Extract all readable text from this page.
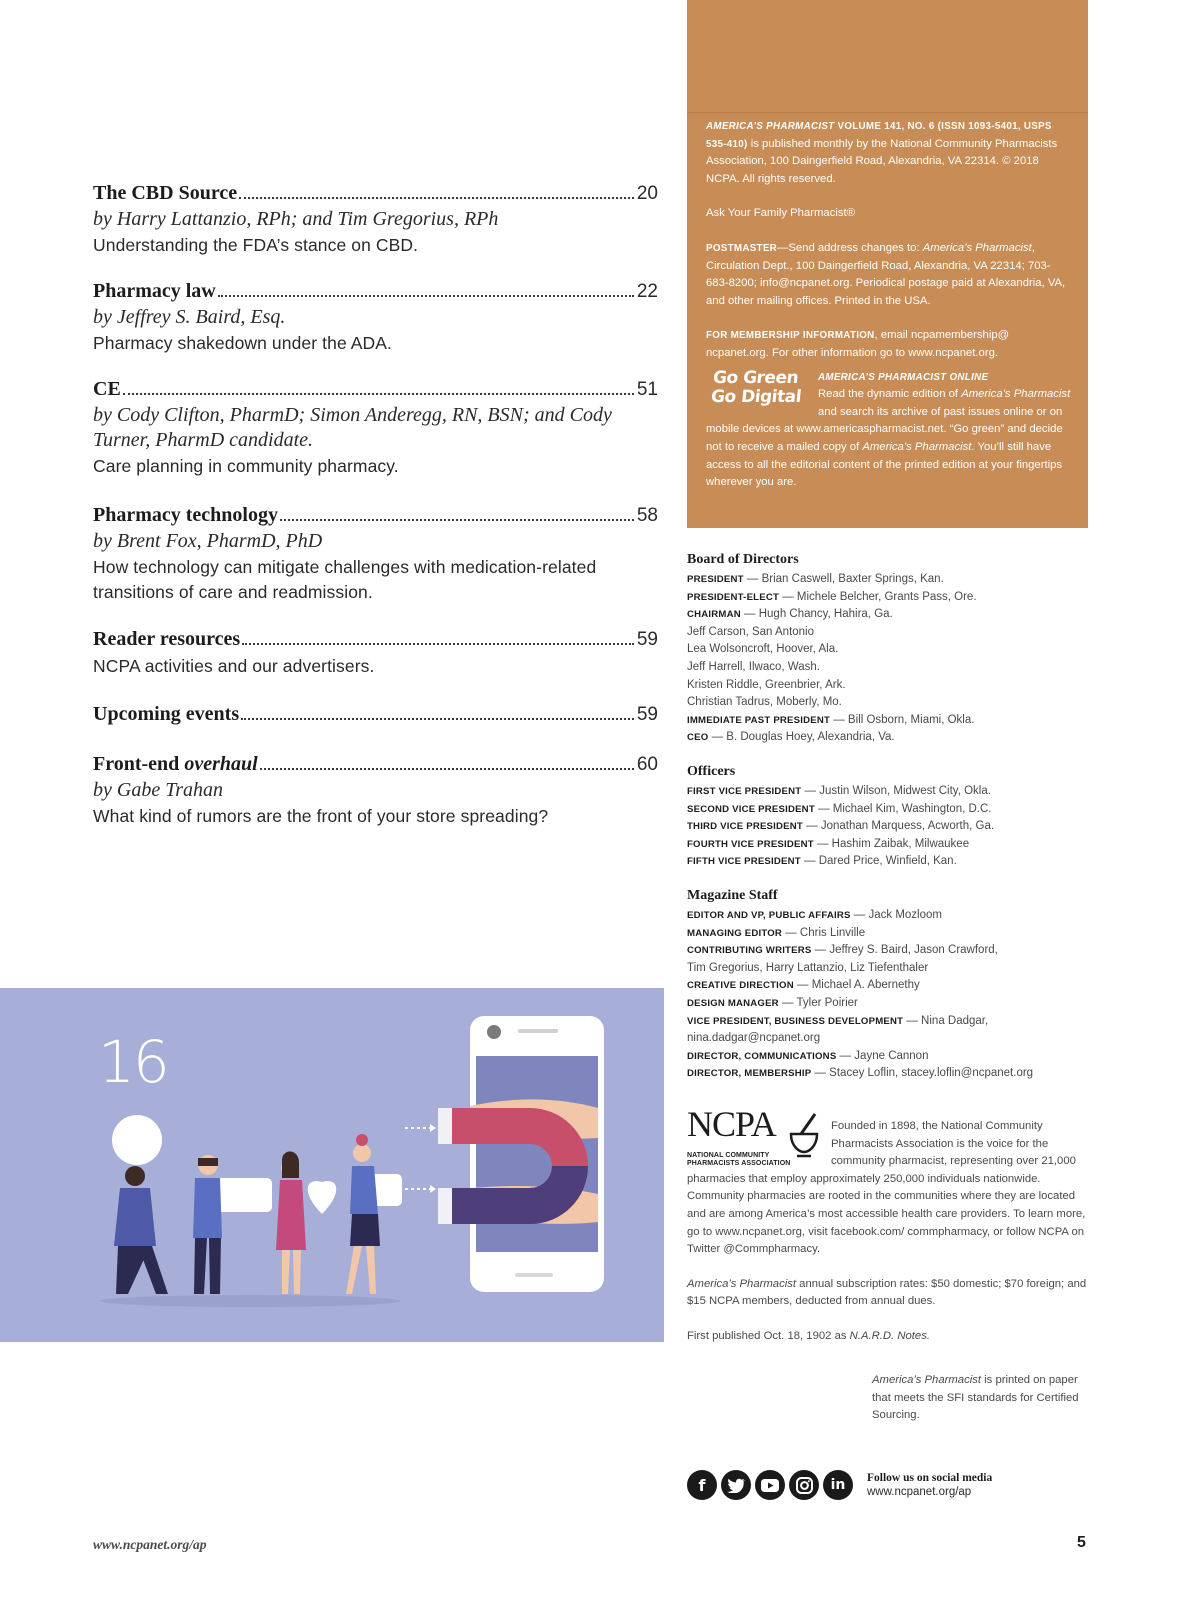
The CBD Source	20
by Harry Lattanzio, RPh; and Tim Gregorius, RPh
Understanding the FDA’s stance on CBD.
Pharmacy law	22
by Jeffrey S. Baird, Esq.
Pharmacy shakedown under the ADA.
CE	51
by Cody Clifton, PharmD; Simon Anderegg, RN, BSN; and Cody Turner, PharmD candidate.
Care planning in community pharmacy.
Pharmacy technology	58
by Brent Fox, PharmD, PhD
How technology can mitigate challenges with medication-related transitions of care and readmission.
Reader resources	59
NCPA activities and our advertisers.
Upcoming events	59
Front-end overhaul	60
by Gabe Trahan
What kind of rumors are the front of your store spreading?
16

AMERICA’S PHARMACIST VOLUME 141, NO. 6 (ISSN 1093-5401, USPS 535-410) is published monthly by the National Community Pharmacists Association, 100 Daingerfield Road, Alexandria, VA 22314. © 2018 NCPA. All rights reserved.

Ask Your Family Pharmacist®

POSTMASTER—Send address changes to: America’s Pharmacist, Circulation Dept., 100 Daingerfield Road, Alexandria, VA 22314; 703-683-8200; info@ncpanet.org. Periodical postage paid at Alexandria, VA, and other mailing offices. Printed in the USA.

FOR MEMBERSHIP INFORMATION, email ncpamembership@ ncpanet.org. For other information go to www.ncpanet.org.

Go Green
Go Digital
AMERICA’S PHARMACIST ONLINE
Read the dynamic edition of America’s Pharmacist and search its archive of past issues online or on mobile devices at www.americaspharmacist.net. “Go green” and decide not to receive a mailed copy of America’s Pharmacist. You’ll still have access to all the editorial content of the printed edition at your fingertips wherever you are.
Board of Directors
PRESIDENT — Brian Caswell, Baxter Springs, Kan.
PRESIDENT-ELECT — Michele Belcher, Grants Pass, Ore.
CHAIRMAN — Hugh Chancy, Hahira, Ga.
Jeff Carson, San Antonio
Lea Wolsoncroft, Hoover, Ala.
Jeff Harrell, Ilwaco, Wash.
Kristen Riddle, Greenbrier, Ark.
Christian Tadrus, Moberly, Mo.
IMMEDIATE PAST PRESIDENT — Bill Osborn, Miami, Okla.
CEO — B. Douglas Hoey, Alexandria, Va.
Officers
FIRST VICE PRESIDENT — Justin Wilson, Midwest City, Okla.
SECOND VICE PRESIDENT — Michael Kim, Washington, D.C.
THIRD VICE PRESIDENT — Jonathan Marquess, Acworth, Ga.
FOURTH VICE PRESIDENT — Hashim Zaibak, Milwaukee
FIFTH VICE PRESIDENT — Dared Price, Winfield, Kan.
Magazine Staff
EDITOR AND VP, PUBLIC AFFAIRS — Jack Mozloom
MANAGING EDITOR — Chris Linville
CONTRIBUTING WRITERS — Jeffrey S. Baird, Jason Crawford,
Tim Gregorius, Harry Lattanzio, Liz Tiefenthaler
CREATIVE DIRECTION — Michael A. Abernethy
DESIGN MANAGER — Tyler Poirier
VICE PRESIDENT, BUSINESS DEVELOPMENT — Nina Dadgar,
nina.dadgar@ncpanet.org
DIRECTOR, COMMUNICATIONS — Jayne Cannon
DIRECTOR, MEMBERSHIP — Stacey Loflin, stacey.loflin@ncpanet.org
NCPA
NATIONAL COMMUNITY
PHARMACISTS ASSOCIATION
Founded in 1898, the National Community Pharmacists Association is the voice for the community pharmacist, representing over 21,000 pharmacies that employ approximately 250,000 individuals nationwide. Community pharmacies are rooted in the communities where they are located and are among America’s most accessible health care providers. To learn more, go to www.ncpanet.org, visit facebook.com/ commpharmacy, or follow NCPA on Twitter @Commpharmacy.
America’s Pharmacist annual subscription rates: $50 domestic; $70 foreign; and $15 NCPA members, deducted from annual dues.
First published Oct. 18, 1902 as N.A.R.D. Notes.
America’s Pharmacist is printed on paper that meets the SFI standards for Certified Sourcing.
f	in	Follow us on social media
www.ncpanet.org/ap
www.ncpanet.org/ap	5
